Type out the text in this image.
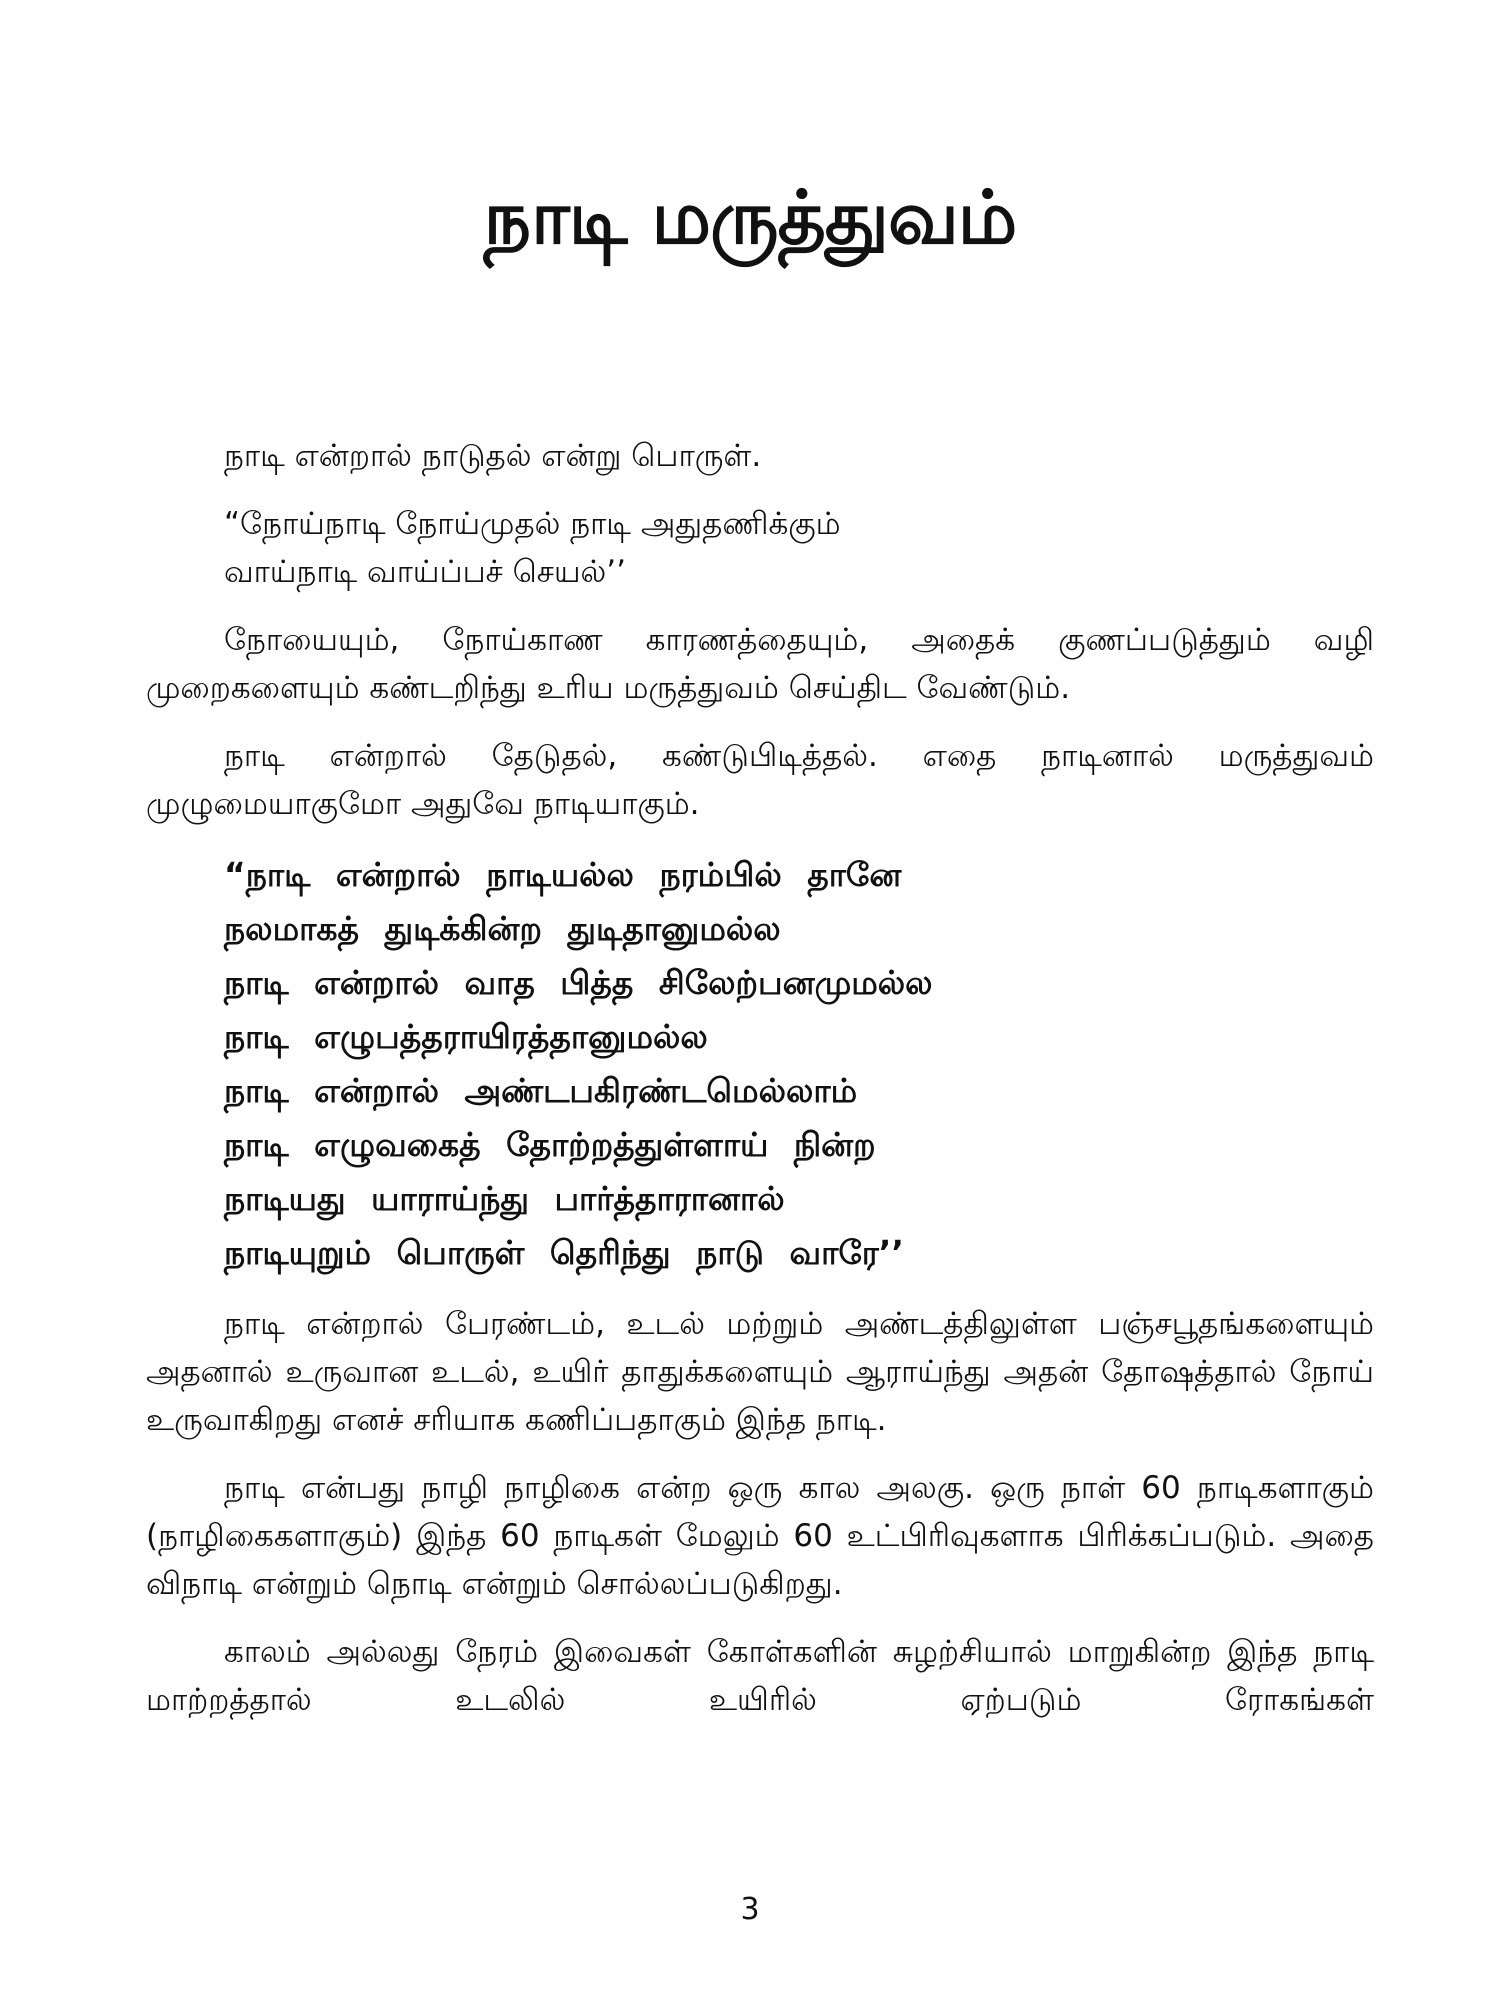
நாடி மருத்துவம்

நாடி என்றால் நாடுதல் என்று பொருள்.

“நோய்நாடி நோய்முதல் நாடி அதுதணிக்கும்
வாய்நாடி வாய்ப்பச் செயல்’’

நோயையும், நோய்காண காரணத்தையும், அதைக் குணப்படுத்தும் வழி முறைகளையும் கண்டறிந்து உரிய மருத்துவம் செய்திட வேண்டும்.

நாடி என்றால் தேடுதல், கண்டுபிடித்தல். எதை நாடினால் மருத்துவம் முழுமையாகுமோ அதுவே நாடியாகும்.

“நாடி என்றால் நாடியல்ல நரம்பில் தானே
நலமாகத் துடிக்கின்ற துடிதானுமல்ல
நாடி என்றால் வாத பித்த சிலேற்பனமுமல்ல
நாடி எழுபத்தராயிரத்தானுமல்ல
நாடி என்றால் அண்டபகிரண்டமெல்லாம்
நாடி எழுவகைத் தோற்றத்துள்ளாய் நின்ற
நாடியது யாராய்ந்து பார்த்தாரானால்
நாடியுறும் பொருள் தெரிந்து நாடு வாரே’’

நாடி என்றால் பேரண்டம், உடல் மற்றும் அண்டத்திலுள்ள பஞ்சபூதங்களையும் அதனால் உருவான உடல், உயிர் தாதுக்களையும் ஆராய்ந்து அதன் தோஷத்தால் நோய் உருவாகிறது எனச் சரியாக கணிப்பதாகும் இந்த நாடி.

நாடி என்பது நாழி நாழிகை என்ற ஒரு கால அலகு. ஒரு நாள் 60 நாடிகளாகும் (நாழிகைகளாகும்) இந்த 60 நாடிகள் மேலும் 60 உட்பிரிவுகளாக பிரிக்கப்படும். அதை விநாடி என்றும் நொடி என்றும் சொல்லப்படுகிறது.

காலம் அல்லது நேரம் இவைகள் கோள்களின் சுழற்சியால் மாறுகின்ற இந்த நாடி மாற்றத்தால் உடலில் உயிரில் ஏற்படும் ரோகங்கள்

3
